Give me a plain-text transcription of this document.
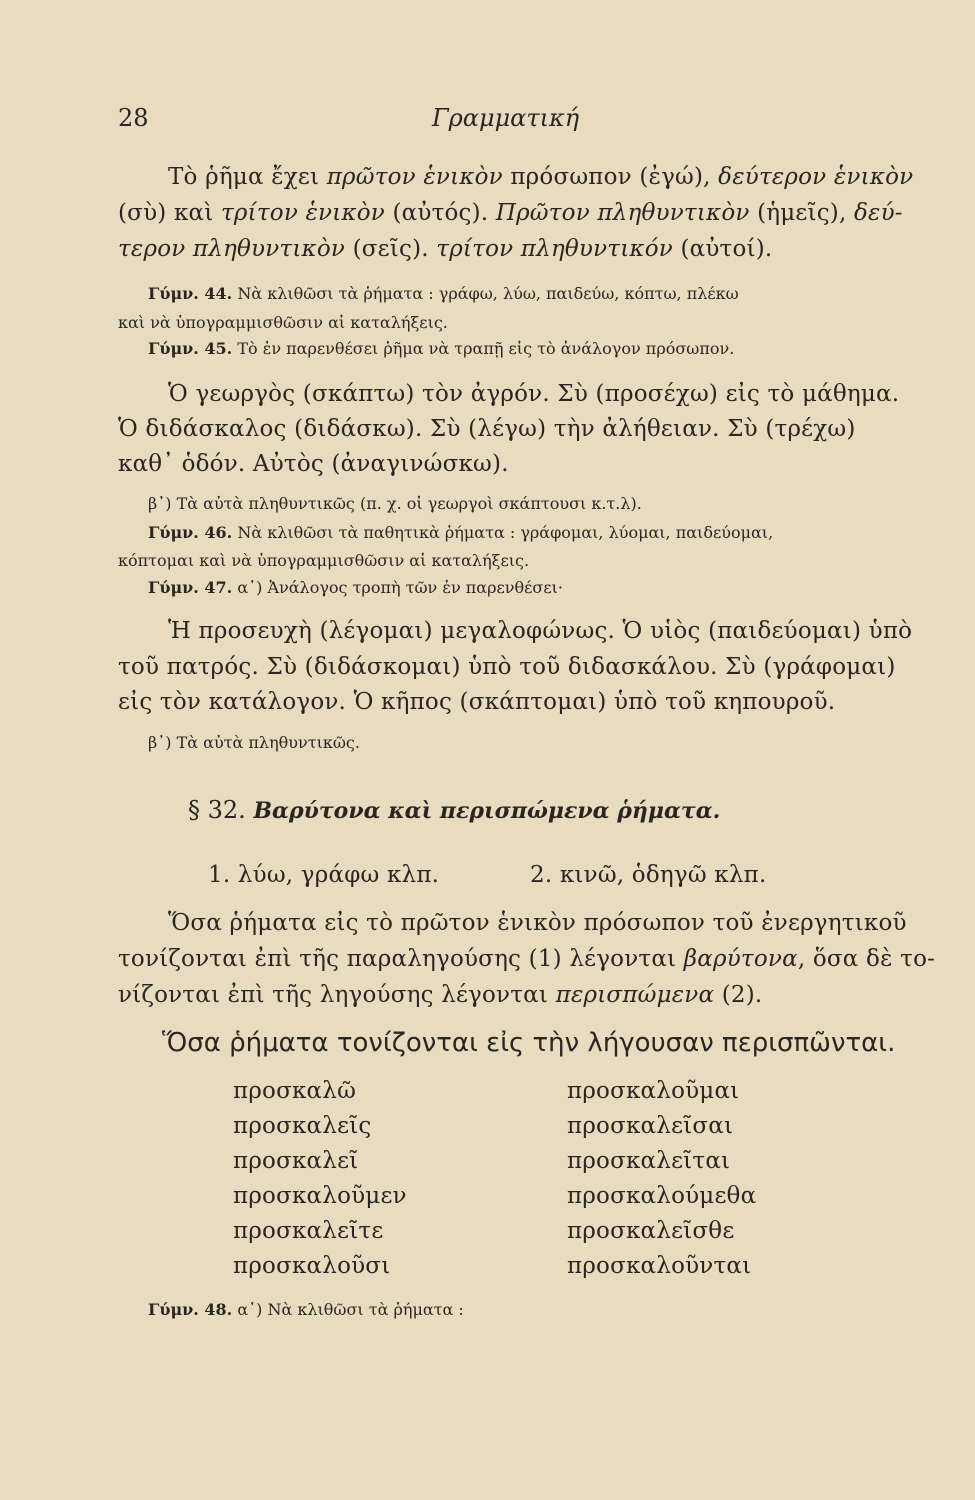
28	Γραμματική
Τὸ ῥῆμα ἔχει πρῶτον ἑνικὸν πρόσωπον (ἐγώ), δεύτερον ἑνικὸν
(σὺ) καὶ τρίτον ἑνικὸν (αὐτός). Πρῶτον πληθυντικὸν (ἡμεῖς), δεύ-
τερον πληθυντικὸν (σεῖς). τρίτον πληθυντικόν (αὐτοί).
Γύμν. 44. Νὰ κλιθῶσι τὰ ῥήματα : γράφω, λύω, παιδεύω, κόπτω, πλέκω
καὶ νὰ ὑπογραμμισθῶσιν αἱ καταλήξεις.
Γύμν. 45. Τὸ ἐν παρενθέσει ῥῆμα νὰ τραπῇ εἰς τὸ ἀνάλογον πρόσωπον.
Ὁ γεωργὸς (σκάπτω) τὸν ἀγρόν. Σὺ (προσέχω) εἰς τὸ μάθημα.
Ὁ διδάσκαλος (διδάσκω). Σὺ (λέγω) τὴν ἀλήθειαν. Σὺ (τρέχω)
καθ᾿ ὁδόν. Αὐτὸς (ἀναγινώσκω).
β᾿) Τὰ αὐτὰ πληθυντικῶς (π. χ. οἱ γεωργοὶ σκάπτουσι κ.τ.λ).
Γύμν. 46. Νὰ κλιθῶσι τὰ παθητικὰ ῥήματα : γράφομαι, λύομαι, παιδεύομαι,
κόπτομαι καὶ νὰ ὑπογραμμισθῶσιν αἱ καταλήξεις.
Γύμν. 47. α᾿) Ἀνάλογος τροπὴ τῶν ἐν παρενθέσει·
Ἡ προσευχὴ (λέγομαι) μεγαλοφώνως. Ὁ υἱὸς (παιδεύομαι) ὑπὸ
τοῦ πατρός. Σὺ (διδάσκομαι) ὑπὸ τοῦ διδασκάλου. Σὺ (γράφομαι)
εἰς τὸν κατάλογον. Ὁ κῆπος (σκάπτομαι) ὑπὸ τοῦ κηπουροῦ.
β᾿) Τὰ αὐτὰ πληθυντικῶς.
§ 32. Βαρύτονα καὶ περισπώμενα ῥήματα.
1. λύω, γράφω κλπ.	2. κινῶ, ὁδηγῶ κλπ.
Ὅσα ῥήματα εἰς τὸ πρῶτον ἑνικὸν πρόσωπον τοῦ ἐνεργητικοῦ
τονίζονται ἐπὶ τῆς παραληγούσης (1) λέγονται βαρύτονα, ὅσα δὲ το-
νίζονται ἐπὶ τῆς ληγούσης λέγονται περισπώμενα (2).
Ὅσα ῥήματα τονίζονται εἰς τὴν λήγουσαν περισπῶνται.
προσκαλῶ
προσκαλεῖς
προσκαλεῖ
προσκαλοῦμεν
προσκαλεῖτε
προσκαλοῦσι
προσκαλοῦμαι
προσκαλεῖσαι
προσκαλεῖται
προσκαλούμεθα
προσκαλεῖσθε
προσκαλοῦνται
Γύμν. 48. α᾿) Νὰ κλιθῶσι τὰ ῥήματα :
